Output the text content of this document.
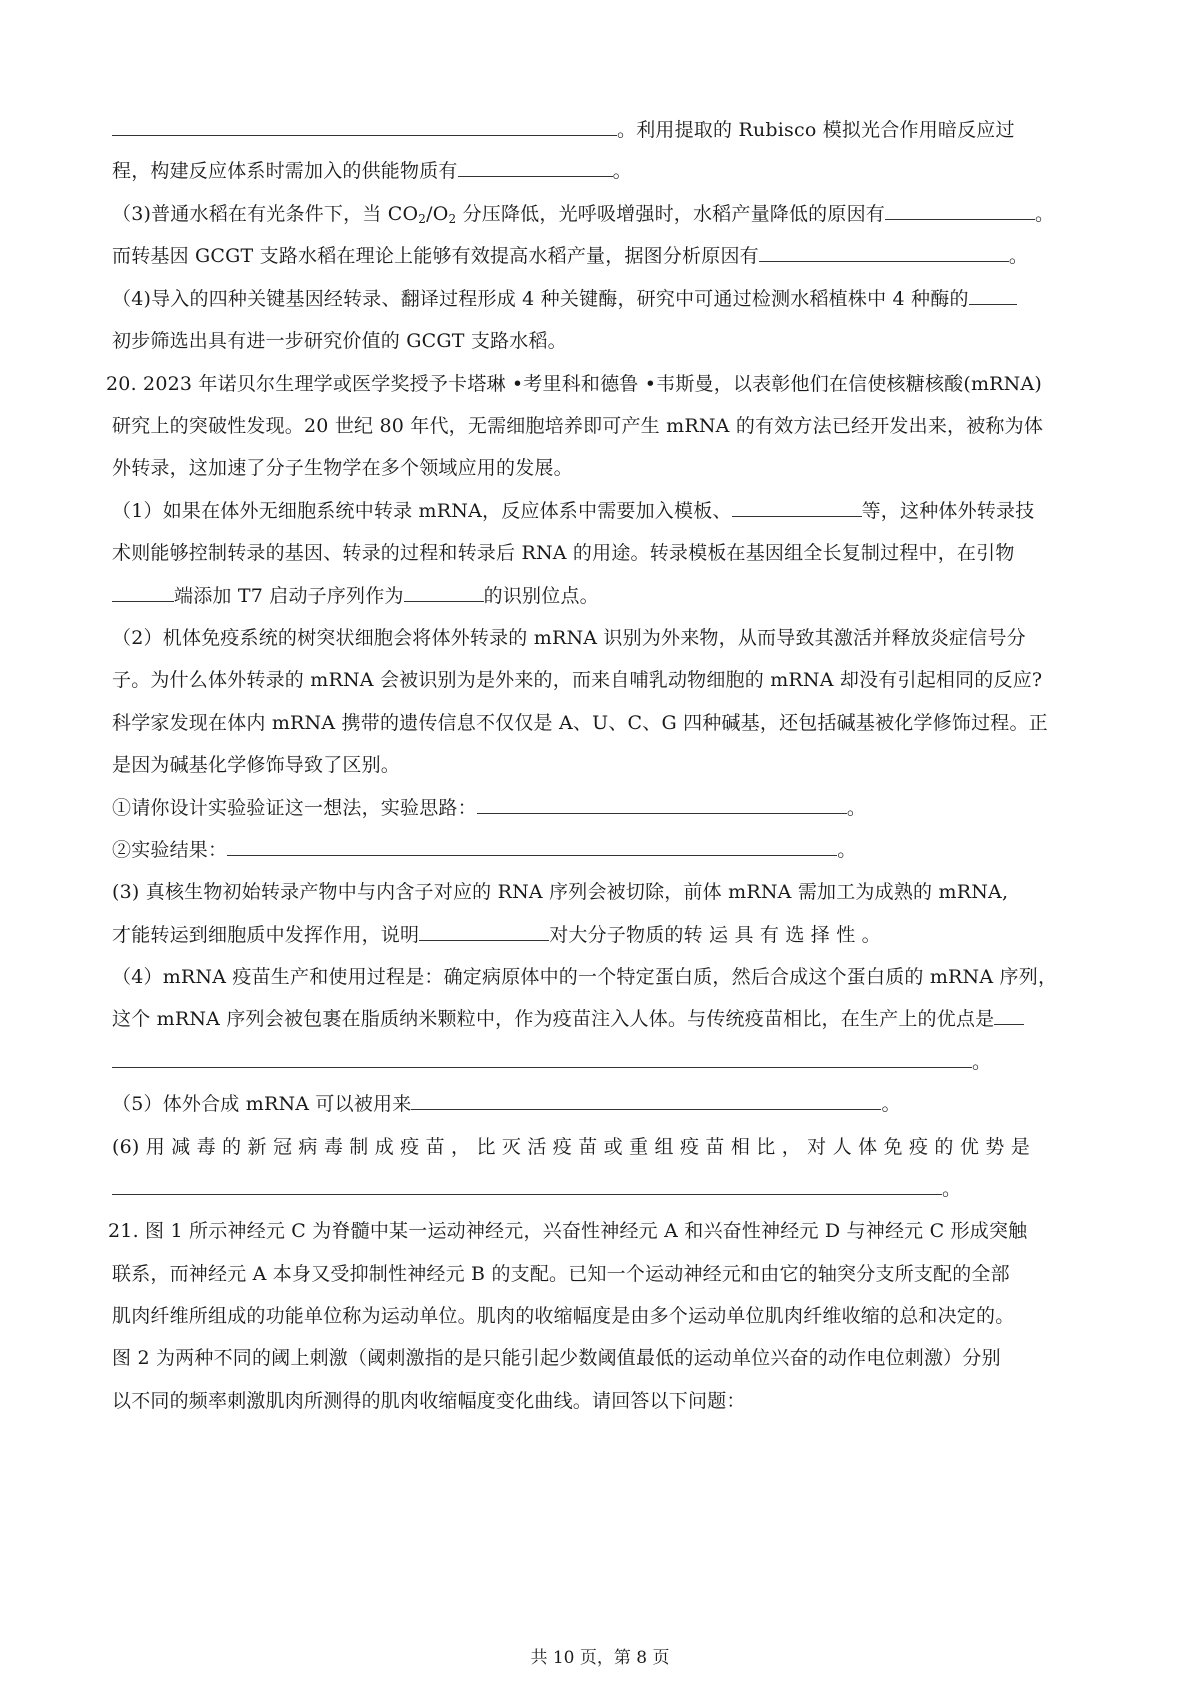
。利用提取的 Rubisco 模拟光合作用暗反应过
程，构建反应体系时需加入的供能物质有	。
（3)普通水稻在有光条件下，当 $CO_2/O_2$ 分压降低，光呼吸增强时，水稻产量降低的原因有	。
而转基因 GCGT 支路水稻在理论上能够有效提高水稻产量，据图分析原因有	。
（4)导入的四种关键基因经转录、翻译过程形成 4 种关键酶，研究中可通过检测水稻植株中 4 种酶的
初步筛选出具有进一步研究价值的 GCGT 支路水稻。
20. 2023 年诺贝尔生理学或医学奖授予卡塔琳 •考里科和德鲁 •韦斯曼，以表彰他们在信使核糖核酸(mRNA)
研究上的突破性发现。20 世纪 80 年代，无需细胞培养即可产生 mRNA 的有效方法已经开发出来，被称为体
外转录，这加速了分子生物学在多个领域应用的发展。
（1）如果在体外无细胞系统中转录 mRNA，反应体系中需要加入模板、	等，这种体外转录技
术则能够控制转录的基因、转录的过程和转录后 RNA 的用途。转录模板在基因组全长复制过程中，在引物
端添加 T7 启动子序列作为	的识别位点。
（2）机体免疫系统的树突状细胞会将体外转录的 mRNA 识别为外来物，从而导致其激活并释放炎症信号分
子。为什么体外转录的 mRNA 会被识别为是外来的，而来自哺乳动物细胞的 mRNA 却没有引起相同的反应?
科学家发现在体内 mRNA 携带的遗传信息不仅仅是 A、U、C、G 四种碱基，还包括碱基被化学修饰过程。正
是因为碱基化学修饰导致了区别。
①请你设计实验验证这一想法，实验思路：	。
②实验结果：	。
(3) 真核生物初始转录产物中与内含子对应的 RNA 序列会被切除，前体 mRNA 需加工为成熟的 mRNA,
才能转运到细胞质中发挥作用，说明	对大分子物质的转 运 具 有 选 择 性 。
（4）mRNA 疫苗生产和使用过程是：确定病原体中的一个特定蛋白质，然后合成这个蛋白质的 mRNA 序列，
这个 mRNA 序列会被包裹在脂质纳米颗粒中，作为疫苗注入人体。与传统疫苗相比，在生产上的优点是
。
（5）体外合成 mRNA 可以被用来	。
(6) 用 减 毒 的 新 冠 病 毒 制 成 疫 苗 ， 比 灭 活 疫 苗 或 重 组 疫 苗 相 比 ， 对 人 体 免 疫 的 优 势 是
。
21. 图 1 所示神经元 C 为脊髓中某一运动神经元，兴奋性神经元 A 和兴奋性神经元 D 与神经元 C 形成突触
联系，而神经元 A 本身又受抑制性神经元 B 的支配。已知一个运动神经元和由它的轴突分支所支配的全部
肌肉纤维所组成的功能单位称为运动单位。肌肉的收缩幅度是由多个运动单位肌肉纤维收缩的总和决定的。
图 2 为两种不同的阈上刺激（阈刺激指的是只能引起少数阈值最低的运动单位兴奋的动作电位刺激）分别
以不同的频率刺激肌肉所测得的肌肉收缩幅度变化曲线。请回答以下问题：
共 10 页，第 8 页
